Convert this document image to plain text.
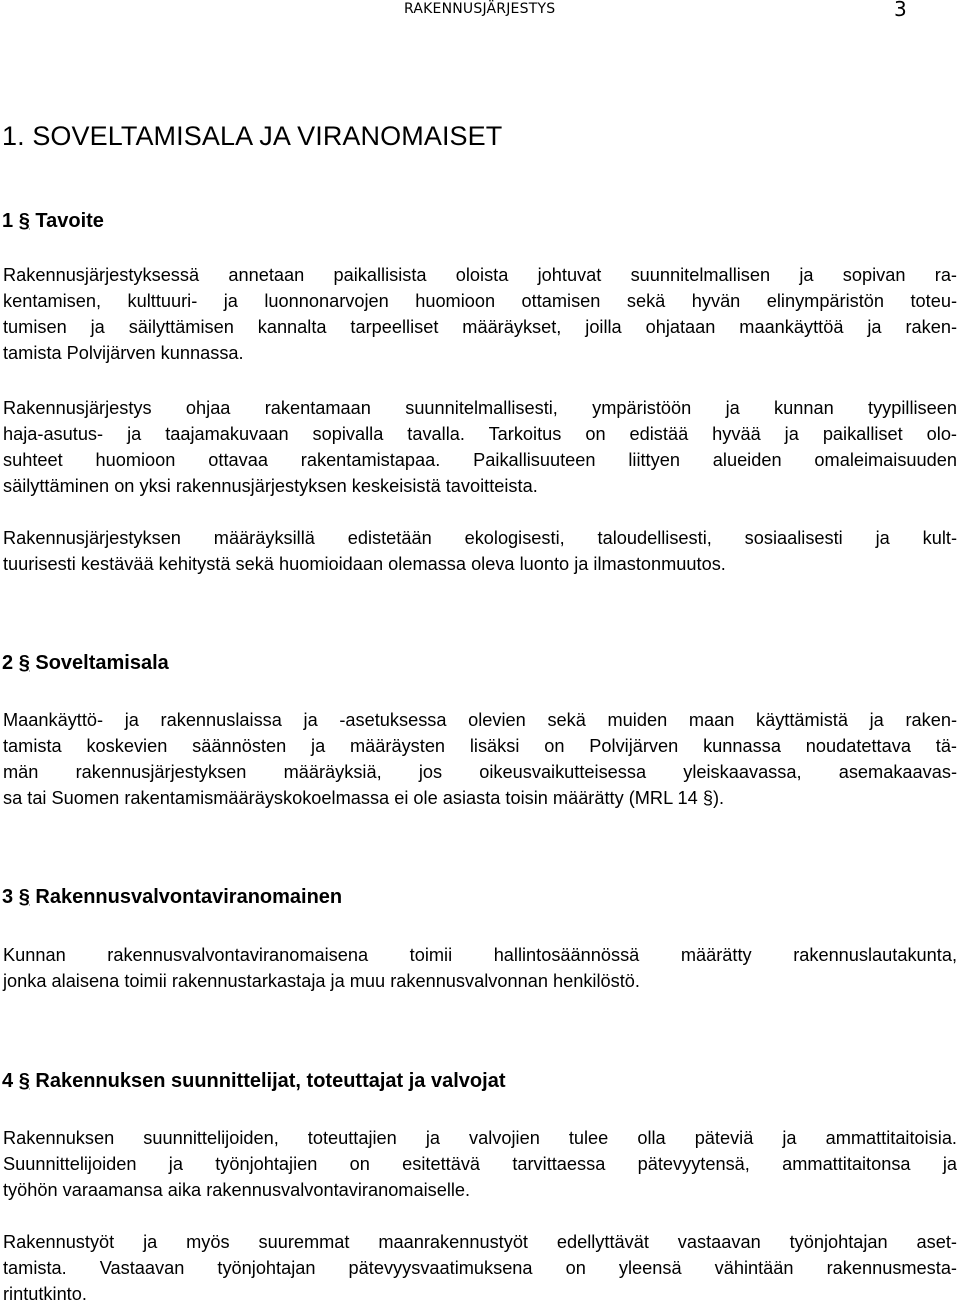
RAKENNUSJÄRJESTYS	3
1. SOVELTAMISALA JA VIRANOMAISET
1 § Tavoite

Rakennusjärjestyksessä annetaan paikallisista oloista johtuvat suunnitelmallisen ja sopivan ra-
kentamisen, kulttuuri- ja luonnonarvojen huomioon ottamisen sekä hyvän elinympäristön toteu-
tumisen ja säilyttämisen kannalta tarpeelliset määräykset, joilla ohjataan maankäyttöä ja raken-
tamista Polvijärven kunnassa.

Rakennusjärjestys ohjaa rakentamaan suunnitelmallisesti, ympäristöön ja kunnan tyypilliseen
haja-asutus- ja taajamakuvaan sopivalla tavalla. Tarkoitus on edistää hyvää ja paikalliset olo-
suhteet huomioon ottavaa rakentamistapaa. Paikallisuuteen liittyen alueiden omaleimaisuuden
säilyttäminen on yksi rakennusjärjestyksen keskeisistä tavoitteista.

Rakennusjärjestyksen määräyksillä edistetään ekologisesti, taloudellisesti, sosiaalisesti ja kult-
tuurisesti kestävää kehitystä sekä huomioidaan olemassa oleva luonto ja ilmastonmuutos.

2 § Soveltamisala

Maankäyttö- ja rakennuslaissa ja -asetuksessa olevien sekä muiden maan käyttämistä ja raken-
tamista koskevien säännösten ja määräysten lisäksi on Polvijärven kunnassa noudatettava tä-
män rakennusjärjestyksen määräyksiä, jos oikeusvaikutteisessa yleiskaavassa, asemakaavas-
sa tai Suomen rakentamismääräyskokoelmassa ei ole asiasta toisin määrätty (MRL 14 §).

3 § Rakennusvalvontaviranomainen

Kunnan rakennusvalvontaviranomaisena toimii hallintosäännössä määrätty rakennuslautakunta,
jonka alaisena toimii rakennustarkastaja ja muu rakennusvalvonnan henkilöstö.

4 § Rakennuksen suunnittelijat, toteuttajat ja valvojat

Rakennuksen suunnittelijoiden, toteuttajien ja valvojien tulee olla päteviä ja ammattitaitoisia.
Suunnittelijoiden ja työnjohtajien on esitettävä tarvittaessa pätevyytensä, ammattitaitonsa ja
työhön varaamansa aika rakennusvalvontaviranomaiselle.

Rakennustyöt ja myös suuremmat maanrakennustyöt edellyttävät vastaavan työnjohtajan aset-
tamista. Vastaavan työnjohtajan pätevyysvaatimuksena on yleensä vähintään rakennusmesta-
rintutkinto.
